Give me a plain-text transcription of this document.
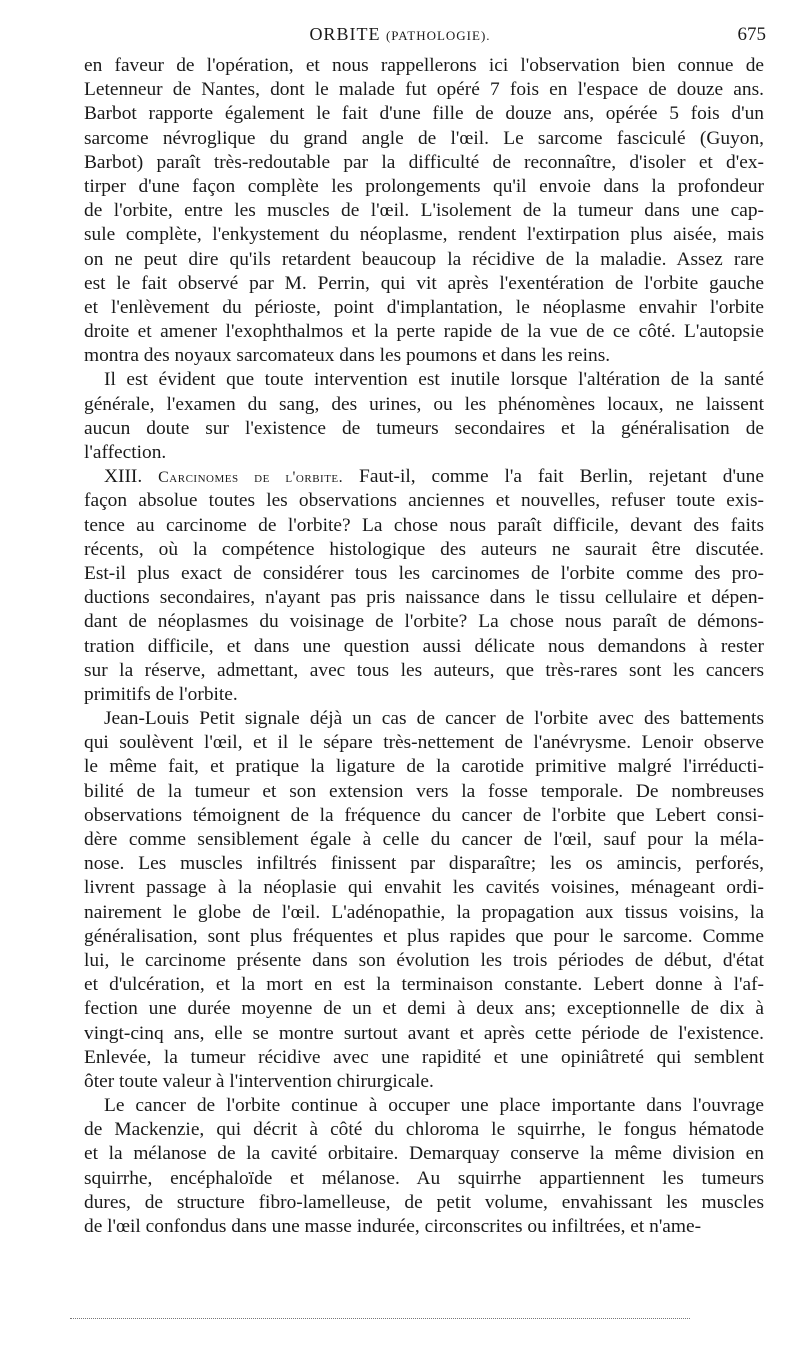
ORBITE (PATHOLOGIE).	675
en faveur de l'opération, et nous rappellerons ici l'observation bien connue de
Letenneur de Nantes, dont le malade fut opéré 7 fois en l'espace de douze ans.
Barbot rapporte également le fait d'une fille de douze ans, opérée 5 fois d'un
sarcome névroglique du grand angle de l'œil. Le sarcome fasciculé (Guyon,
Barbot) paraît très-redoutable par la difficulté de reconnaître, d'isoler et d'ex-
tirper d'une façon complète les prolongements qu'il envoie dans la profondeur
de l'orbite, entre les muscles de l'œil. L'isolement de la tumeur dans une cap-
sule complète, l'enkystement du néoplasme, rendent l'extirpation plus aisée, mais
on ne peut dire qu'ils retardent beaucoup la récidive de la maladie. Assez rare
est le fait observé par M. Perrin, qui vit après l'exentération de l'orbite gauche
et l'enlèvement du périoste, point d'implantation, le néoplasme envahir l'orbite
droite et amener l'exophthalmos et la perte rapide de la vue de ce côté. L'autopsie
montra des noyaux sarcomateux dans les poumons et dans les reins.
Il est évident que toute intervention est inutile lorsque l'altération de la santé
générale, l'examen du sang, des urines, ou les phénomènes locaux, ne laissent
aucun doute sur l'existence de tumeurs secondaires et la généralisation de
l'affection.
XIII. Carcinomes de l'orbite. Faut-il, comme l'a fait Berlin, rejetant d'une
façon absolue toutes les observations anciennes et nouvelles, refuser toute exis-
tence au carcinome de l'orbite? La chose nous paraît difficile, devant des faits
récents, où la compétence histologique des auteurs ne saurait être discutée.
Est-il plus exact de considérer tous les carcinomes de l'orbite comme des pro-
ductions secondaires, n'ayant pas pris naissance dans le tissu cellulaire et dépen-
dant de néoplasmes du voisinage de l'orbite? La chose nous paraît de démons-
tration difficile, et dans une question aussi délicate nous demandons à rester
sur la réserve, admettant, avec tous les auteurs, que très-rares sont les cancers
primitifs de l'orbite.
Jean-Louis Petit signale déjà un cas de cancer de l'orbite avec des battements
qui soulèvent l'œil, et il le sépare très-nettement de l'anévrysme. Lenoir observe
le même fait, et pratique la ligature de la carotide primitive malgré l'irréducti-
bilité de la tumeur et son extension vers la fosse temporale. De nombreuses
observations témoignent de la fréquence du cancer de l'orbite que Lebert consi-
dère comme sensiblement égale à celle du cancer de l'œil, sauf pour la méla-
nose. Les muscles infiltrés finissent par disparaître; les os amincis, perforés,
livrent passage à la néoplasie qui envahit les cavités voisines, ménageant ordi-
nairement le globe de l'œil. L'adénopathie, la propagation aux tissus voisins, la
généralisation, sont plus fréquentes et plus rapides que pour le sarcome. Comme
lui, le carcinome présente dans son évolution les trois périodes de début, d'état
et d'ulcération, et la mort en est la terminaison constante. Lebert donne à l'af-
fection une durée moyenne de un et demi à deux ans; exceptionnelle de dix à
vingt-cinq ans, elle se montre surtout avant et après cette période de l'existence.
Enlevée, la tumeur récidive avec une rapidité et une opiniâtreté qui semblent
ôter toute valeur à l'intervention chirurgicale.
Le cancer de l'orbite continue à occuper une place importante dans l'ouvrage
de Mackenzie, qui décrit à côté du chloroma le squirrhe, le fongus hématode
et la mélanose de la cavité orbitaire. Demarquay conserve la même division en
squirrhe, encéphaloïde et mélanose. Au squirrhe appartiennent les tumeurs
dures, de structure fibro-lamelleuse, de petit volume, envahissant les muscles
de l'œil confondus dans une masse indurée, circonscrites ou infiltrées, et n'ame-
